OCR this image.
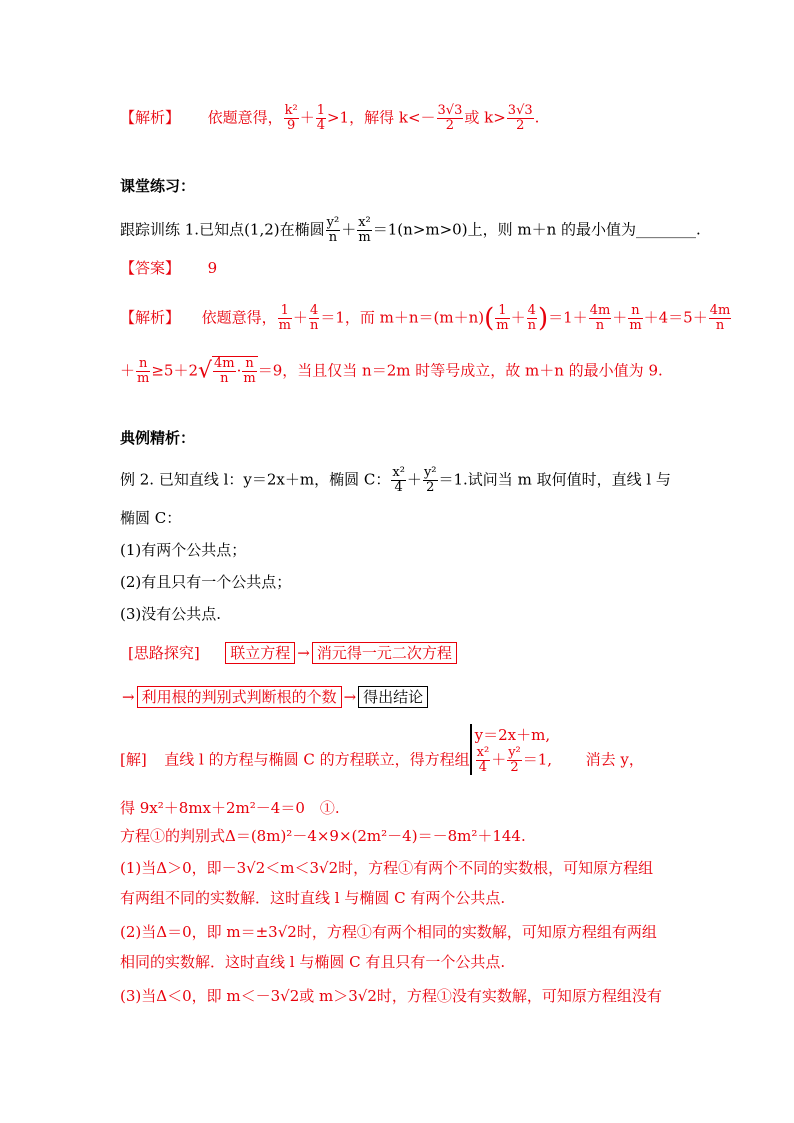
【解析】 依题意得， $\frac{\text{k²}}{9} + \frac{1}{4} >1$，解得 $k<- \frac{3√3}{2}$ 或 $k> \frac{3√3}{2}$ .
课堂练习：
跟踪训练 1.已知点(1,2)在椭圆 $\frac{\text{y²}}{n} + \frac{\text{x²}}{m} =1(n>m>0)$上，则 m＋n 的最小值为________.
【答案】 9
【解析】 依题意得， $\frac{1}{m} + \frac{4}{n} =1$，而 $m+n=(m+n)( \frac{1}{m} + \frac{4}{n} )=1+ \frac{4m}{n} + \frac{n}{m} +4=5+ \frac{4m}{n}$
＋ $\frac{n}{m} \ge 5+2√ \frac{4m}{n} \cdot \frac{n}{m} =9$，当且仅当 n＝2m 时等号成立，故 m＋n 的最小值为 9.
典例精析：
例 2. 已知直线 l：y＝2x＋m，椭圆 C： $\frac{\text{x²}}{4} + \frac{\text{y²}}{2} =1$.试问当 m 取何值时，直线 l 与
椭圆 C：
(1)有两个公共点；
(2)有且只有一个公共点；
(3)没有公共点.
[思路探究] 联立方程 → 消元得一元二次方程
→ 利用根的判别式判断根的个数 → 得出结论
[解] 直线 l 的方程与椭圆 C 的方程联立，得方程组
y＝2x＋m,
$\frac{\text{x²}}{4} + \frac{\text{y²}}{2} =1$, 消去 y，
得 9x²＋8mx＋2m²－4＝0　①.
方程①的判别式Δ＝(8m)²－4×9×(2m²－4)＝－8m²＋144.
(1)当Δ＞0，即－3√2＜m＜3√2时，方程①有两个不同的实数根，可知原方程组
有两组不同的实数解．这时直线 l 与椭圆 C 有两个公共点.
(2)当Δ＝0，即 m＝±3√2时，方程①有两个相同的实数解，可知原方程组有两组
相同的实数解．这时直线 l 与椭圆 C 有且只有一个公共点.
(3)当Δ＜0，即 m＜－3√2或 m＞3√2时，方程①没有实数解，可知原方程组没有
